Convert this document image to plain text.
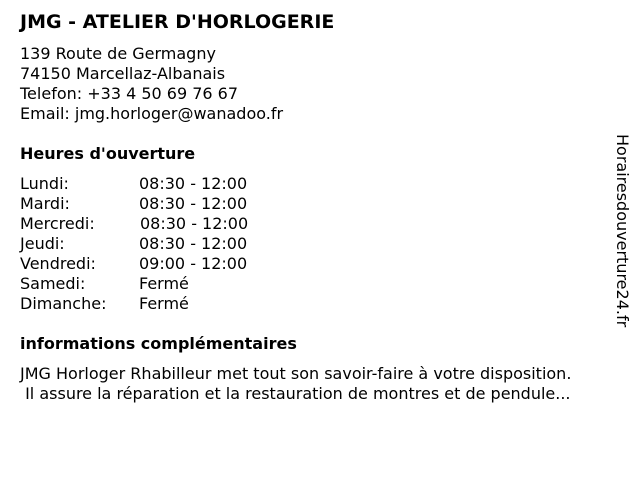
JMG - ATELIER D'HORLOGERIE
139 Route de Germagny
74150 Marcellaz-Albanais
Telefon: +33 4 50 69 76 67
Email: jmg.horloger@wanadoo.fr
Heures d'ouverture
Lundi:	08:30 - 12:00
Mardi:	08:30 - 12:00
Mercredi:	08:30 - 12:00
Jeudi:	08:30 - 12:00
Vendredi:	09:00 - 12:00
Samedi:	Fermé
Dimanche: Fermé
informations complémentaires
JMG Horloger Rhabilleur met tout son savoir-faire à votre disposition.
Il assure la réparation et la restauration de montres et de pendule...
Horairesdouverture24.fr
